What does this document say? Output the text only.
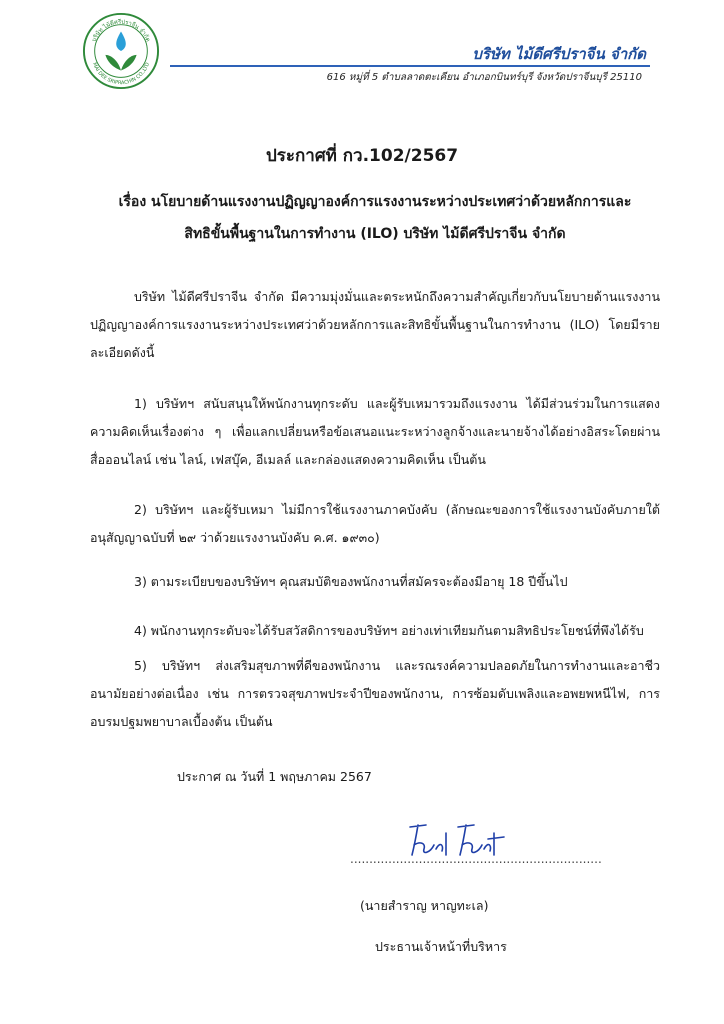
บริษัท ไม้ดีศรีปราจีน จำกัด
MAI DEE SRIPRACHIN CO.,LTD
บริษัท ไม้ดีศรีปราจีน จำกัด
616 หมู่ที่ 5 ตำบลลาดตะเคียน อำเภอกบินทร์บุรี จังหวัดปราจีนบุรี 25110
ประกาศที่ กว.102/2567
เรื่อง นโยบายด้านแรงงานปฏิญญาองค์การแรงงานระหว่างประเทศว่าด้วยหลักการและ
สิทธิขั้นพื้นฐานในการทำงาน (ILO) บริษัท ไม้ดีศรีปราจีน จำกัด
บริษัท ไม้ดีศรีปราจีน จำกัด มีความมุ่งมั่นและตระหนักถึงความสำคัญเกี่ยวกับนโยบายด้านแรงงานปฏิญญาองค์การแรงงานระหว่างประเทศว่าด้วยหลักการและสิทธิขั้นพื้นฐานในการทำงาน (ILO) โดยมีรายละเอียดดังนี้
1) บริษัทฯ สนับสนุนให้พนักงานทุกระดับ และผู้รับเหมารวมถึงแรงงาน ได้มีส่วนร่วมในการแสดงความคิดเห็นเรื่องต่าง ๆ เพื่อแลกเปลี่ยนหรือข้อเสนอแนะระหว่างลูกจ้างและนายจ้างได้อย่างอิสระโดยผ่านสื่อออนไลน์ เช่น ไลน์, เฟสบุ๊ค, อีเมลล์ และกล่องแสดงความคิดเห็น เป็นต้น
2) บริษัทฯ และผู้รับเหมา ไม่มีการใช้แรงงานภาคบังคับ (ลักษณะของการใช้แรงงานบังคับภายใต้อนุสัญญาฉบับที่ ๒๙ ว่าด้วยแรงงานบังคับ ค.ศ. ๑๙๓๐)
3) ตามระเบียบของบริษัทฯ คุณสมบัติของพนักงานที่สมัครจะต้องมีอายุ 18 ปีขึ้นไป
4) พนักงานทุกระดับจะได้รับสวัสดิการของบริษัทฯ อย่างเท่าเทียมกันตามสิทธิประโยชน์ที่พึงได้รับ
5) บริษัทฯ ส่งเสริมสุขภาพที่ดีของพนักงาน และรณรงค์ความปลอดภัยในการทำงานและอาชีวอนามัยอย่างต่อเนื่อง เช่น การตรวจสุขภาพประจำปีของพนักงาน, การซ้อมดับเพลิงและอพยพหนีไฟ, การอบรมปฐมพยาบาลเบื้องต้น เป็นต้น
ประกาศ ณ วันที่ 1 พฤษภาคม 2567
..................................................................
(นายสำราญ หาญทะเล)
ประธานเจ้าหน้าที่บริหาร
